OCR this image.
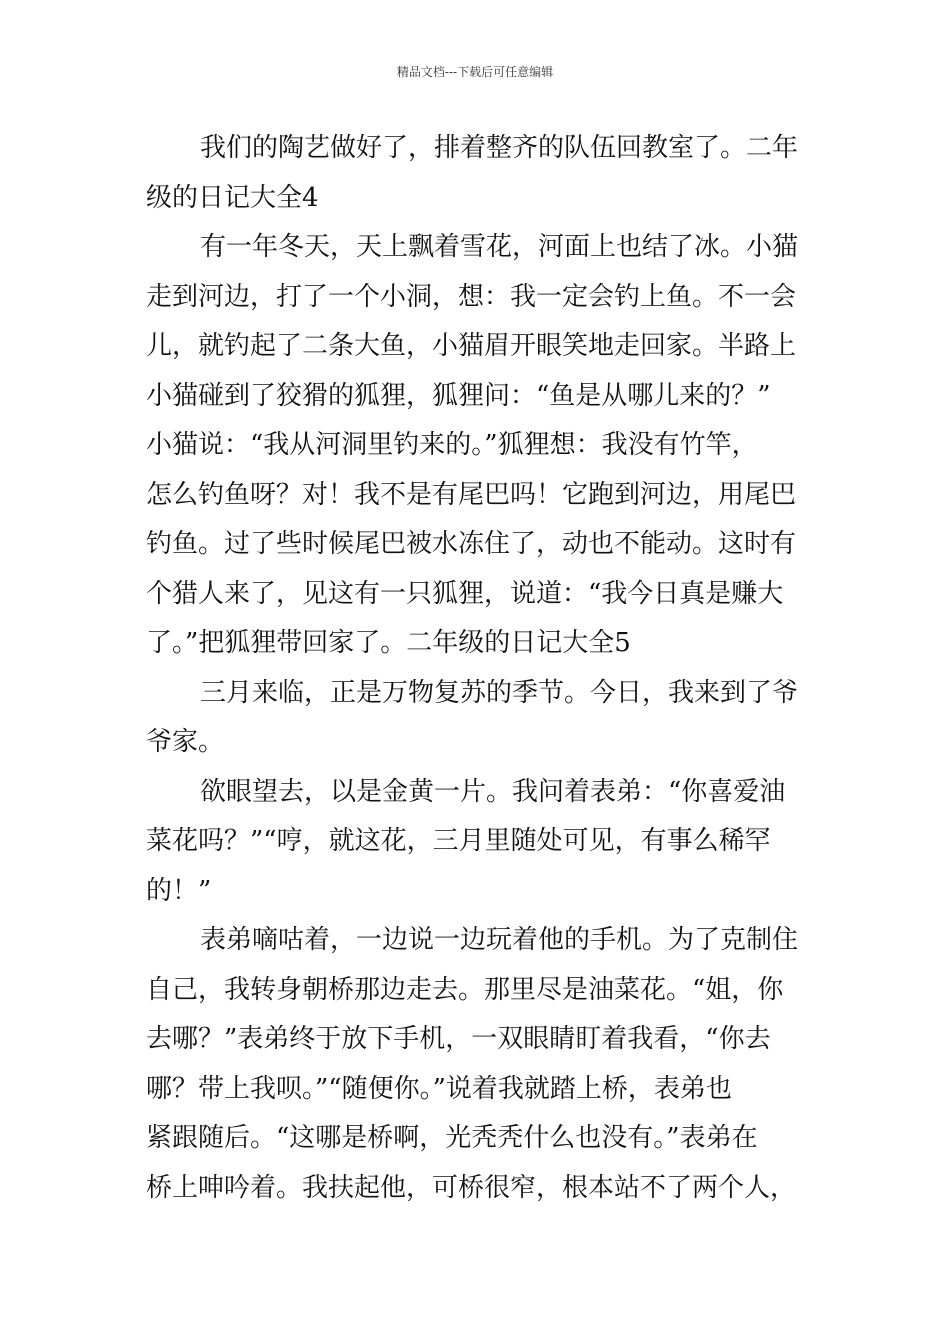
精品文档---下载后可任意编辑
我们的陶艺做好了，排着整齐的队伍回教室了。二年
级的日记大全4
有一年冬天，天上飘着雪花，河面上也结了冰。小猫
走到河边，打了一个小洞，想：我一定会钓上鱼。不一会
儿，就钓起了二条大鱼，小猫眉开眼笑地走回家。半路上
小猫碰到了狡猾的狐狸，狐狸问：“鱼是从哪儿来的？”
小猫说：“我从河洞里钓来的。”狐狸想：我没有竹竿，
怎么钓鱼呀？对！我不是有尾巴吗！它跑到河边，用尾巴
钓鱼。过了些时候尾巴被水冻住了，动也不能动。这时有
个猎人来了，见这有一只狐狸，说道：“我今日真是赚大
了。”把狐狸带回家了。二年级的日记大全5
三月来临，正是万物复苏的季节。今日，我来到了爷
爷家。
欲眼望去，以是金黄一片。我问着表弟：“你喜爱油
菜花吗？”“哼，就这花，三月里随处可见，有事么稀罕
的！”
表弟嘀咕着，一边说一边玩着他的手机。为了克制住
自己，我转身朝桥那边走去。那里尽是油菜花。“姐，你
去哪？”表弟终于放下手机，一双眼睛盯着我看，“你去
哪？带上我呗。”“随便你。”说着我就踏上桥，表弟也
紧跟随后。“这哪是桥啊，光秃秃什么也没有。”表弟在
桥上呻吟着。我扶起他，可桥很窄，根本站不了两个人，
